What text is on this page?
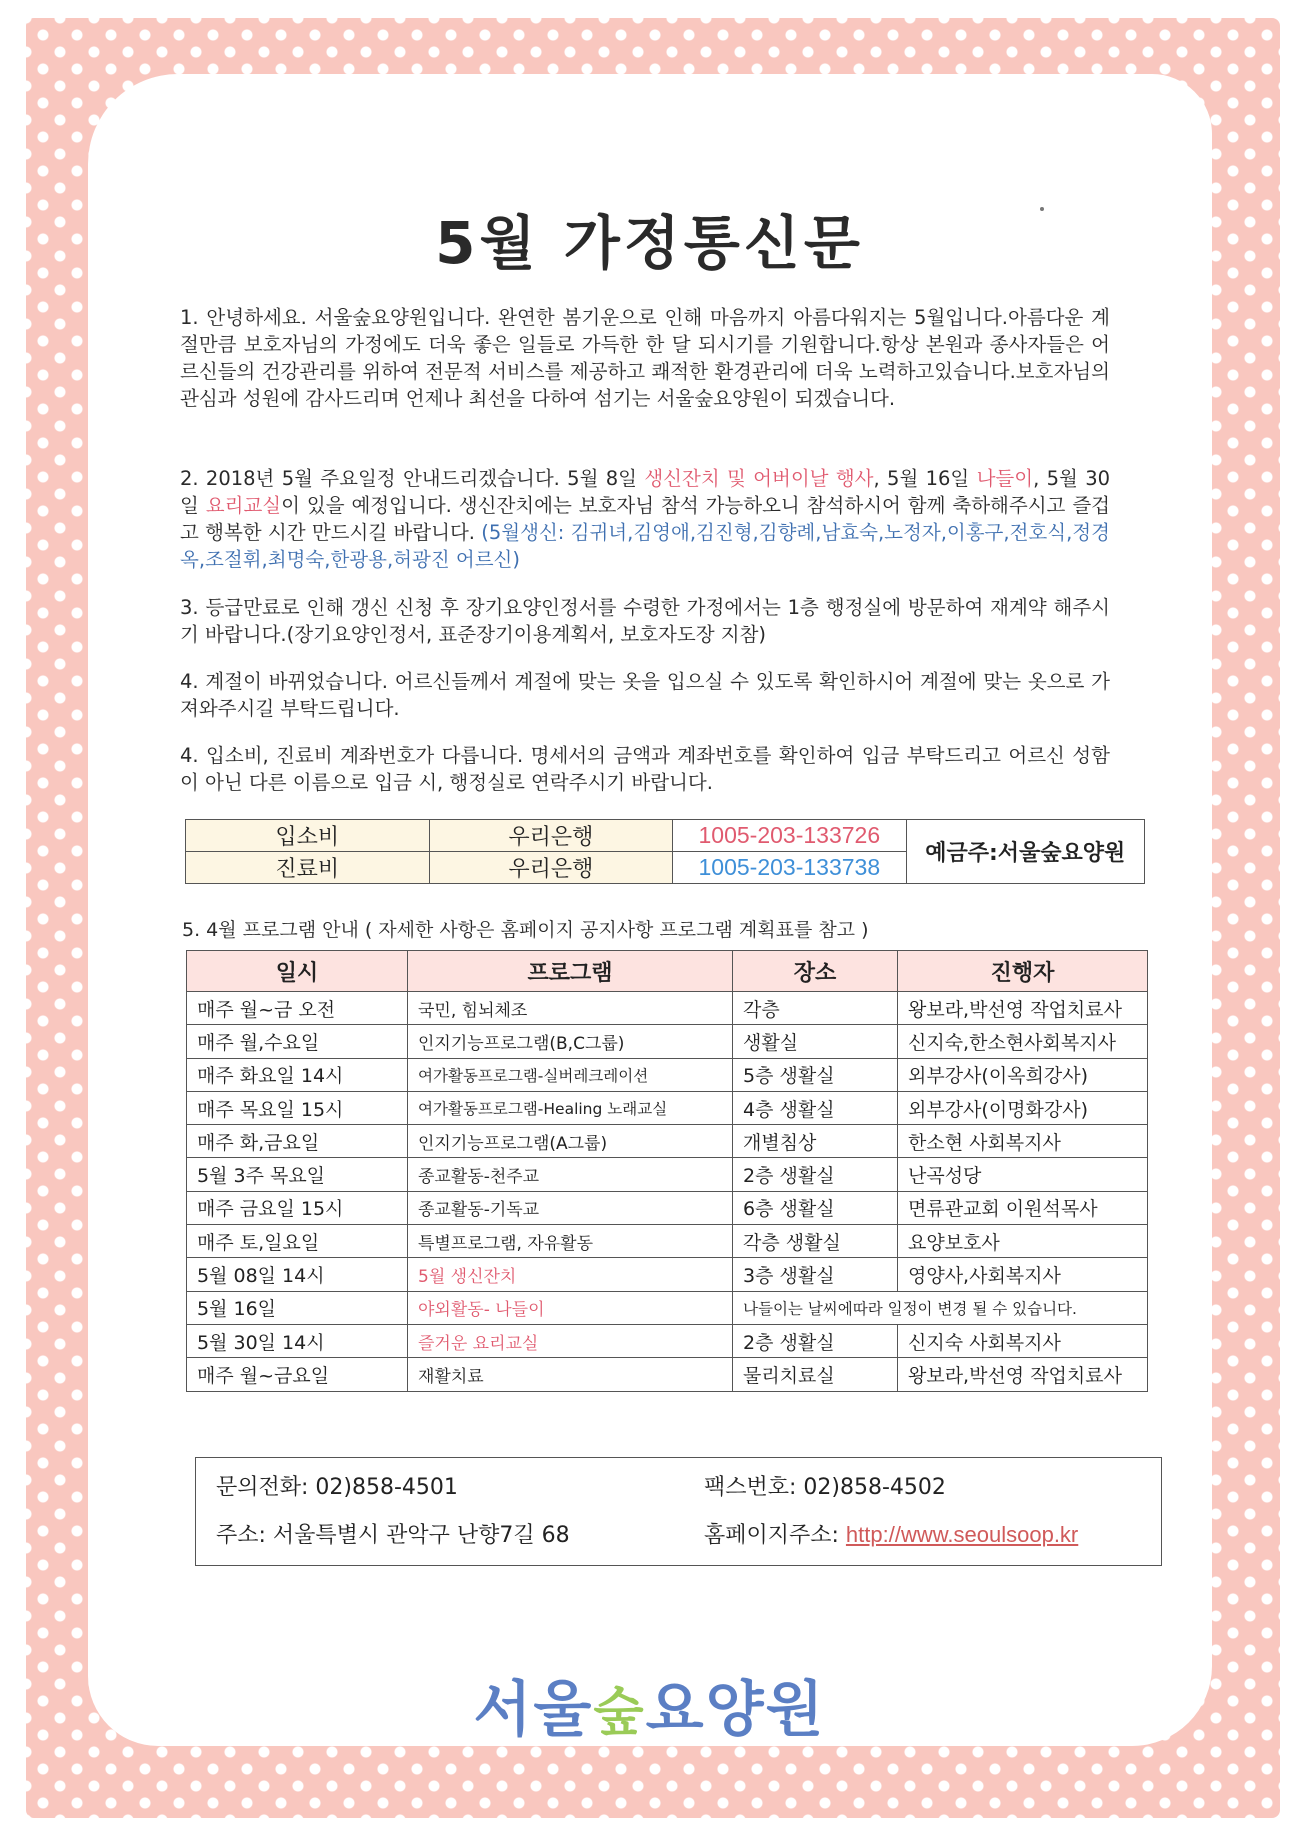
5월 가정통신문
1. 안녕하세요. 서울숲요양원입니다. 완연한 봄기운으로 인해 마음까지 아름다워지는 5월입니다.아름다운 계절만큼 보호자님의 가정에도 더욱 좋은 일들로 가득한 한 달 되시기를 기원합니다.항상 본원과 종사자들은 어르신들의 건강관리를 위하여 전문적 서비스를 제공하고 쾌적한 환경관리에 더욱 노력하고있습니다.보호자님의 관심과 성원에 감사드리며 언제나 최선을 다하여 섬기는 서울숲요양원이 되겠습니다.
2. 2018년 5월 주요일정 안내드리겠습니다. 5월 8일 생신잔치 및 어버이날 행사, 5월 16일 나들이, 5월 30일 요리교실이 있을 예정입니다. 생신잔치에는 보호자님 참석 가능하오니 참석하시어 함께 축하해주시고 즐겁고 행복한 시간 만드시길 바랍니다. (5월생신: 김귀녀,김영애,김진형,김향례,남효숙,노정자,이홍구,전호식,정경옥,조절휘,최명숙,한광용,허광진 어르신)
3. 등급만료로 인해 갱신 신청 후 장기요양인정서를 수령한 가정에서는 1층 행정실에 방문하여 재계약 해주시기 바랍니다.(장기요양인정서, 표준장기이용계획서, 보호자도장 지참)
4. 계절이 바뀌었습니다. 어르신들께서 계절에 맞는 옷을 입으실 수 있도록 확인하시어 계절에 맞는 옷으로 가져와주시길 부탁드립니다.
4. 입소비, 진료비 계좌번호가 다릅니다. 명세서의 금액과 계좌번호를 확인하여 입금 부탁드리고 어르신 성함이 아닌 다른 이름으로 입금 시, 행정실로 연락주시기 바랍니다.
입소비	우리은행	1005-203-133726	예금주:서울숲요양원
진료비	우리은행	1005-203-133738	
5. 4월 프로그램 안내 ( 자세한 사항은 홈페이지 공지사항 프로그램 계획표를 참고 )
일시	프로그램	장소	진행자
매주 월~금 오전	국민, 힘뇌체조	각층	왕보라,박선영 작업치료사
매주 월,수요일	인지기능프로그램(B,C그룹)	생활실	신지숙,한소현사회복지사
매주 화요일 14시	여가활동프로그램-실버레크레이션	5층 생활실	외부강사(이옥희강사)
매주 목요일 15시	여가활동프로그램-Healing 노래교실	4층 생활실	외부강사(이명화강사)
매주 화,금요일	인지기능프로그램(A그룹)	개별침상	한소현 사회복지사
5월 3주 목요일	종교활동-천주교	2층 생활실	난곡성당
매주 금요일 15시	종교활동-기독교	6층 생활실	면류관교회 이원석목사
매주 토,일요일	특별프로그램, 자유활동	각층 생활실	요양보호사
5월 08일 14시	5월 생신잔치	3층 생활실	영양사,사회복지사
5월 16일	야외활동- 나들이	나들이는 날씨에따라 일정이 변경 될 수 있습니다.	
5월 30일 14시	즐거운 요리교실	2층 생활실	신지숙 사회복지사
매주 월~금요일	재활치료	물리치료실	왕보라,박선영 작업치료사
문의전화: 02)858-4501	팩스번호: 02)858-4502
주소: 서울특별시 관악구 난향7길 68	홈페이지주소: http://www.seoulsoop.kr
서울숲요양원
